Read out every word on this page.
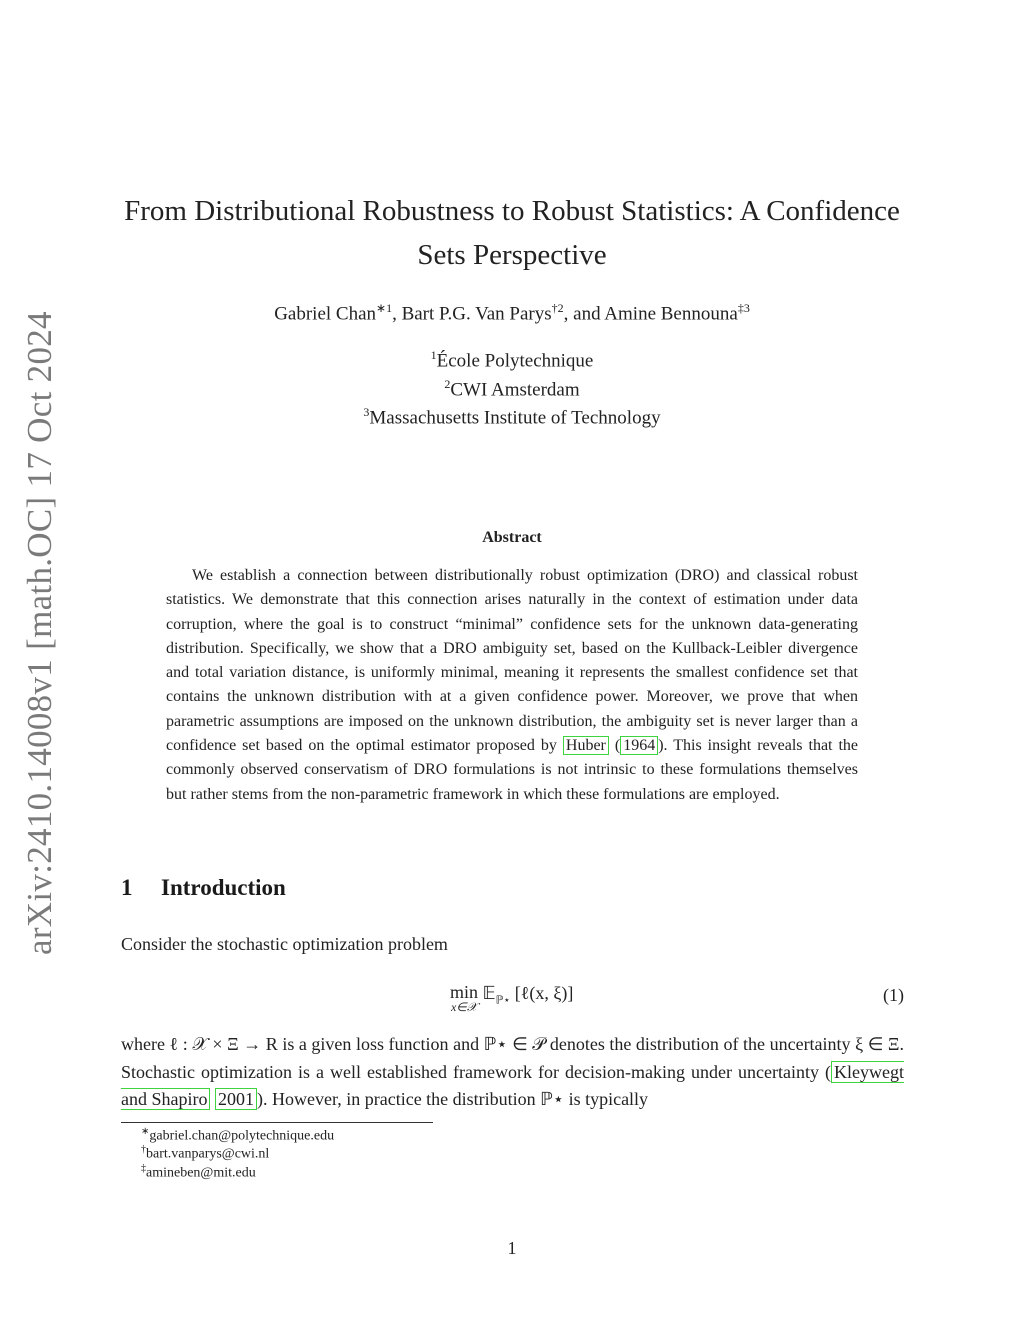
arXiv:2410.14008v1 [math.OC] 17 Oct 2024
From Distributional Robustness to Robust Statistics: A Confidence
Sets Perspective
Gabriel Chan$^{∗1}$, Bart P.G. Van Parys$^{\dagger 2}$, and Amine Bennouna$^{\ddagger 3}$
$^1$École Polytechnique
$^2$CWI Amsterdam
$^3$Massachusetts Institute of Technology
Abstract
We establish a connection between distributionally robust optimization (DRO) and classical robust statistics. We demonstrate that this connection arises naturally in the context of estimation under data corruption, where the goal is to construct “minimal” confidence sets for the unknown data-generating distribution. Specifically, we show that a DRO ambiguity set, based on the Kullback-Leibler divergence and total variation distance, is uniformly minimal, meaning it represents the smallest confidence set that contains the unknown distribution with at a given confidence power. Moreover, we prove that when parametric assumptions are imposed on the unknown distribution, the ambiguity set is never larger than a confidence set based on the optimal estimator proposed by Huber ( 1964 ). This insight reveals that the commonly observed conservatism of DRO formulations is not intrinsic to these formulations themselves but rather stems from the non-parametric framework in which these formulations are employed.
1 Introduction
Consider the stochastic optimization problem
min
x∈𝒳
𝔼$_{ℙ⋆}$ [ℓ(x, ξ)]	(1)
where ℓ : 𝒳 × Ξ → R is a given loss function and ℙ⋆ ∈ 𝒫 denotes the distribution of the uncertainty ξ ∈ Ξ. Stochastic optimization is a well established framework for decision-making under uncertainty ( Kleywegt and Shapiro 2001 ). However, in practice the distribution ℙ⋆ is typically
∗gabriel.chan@polytechnique.edu
†bart.vanparys@cwi.nl
‡amineben@mit.edu
1
